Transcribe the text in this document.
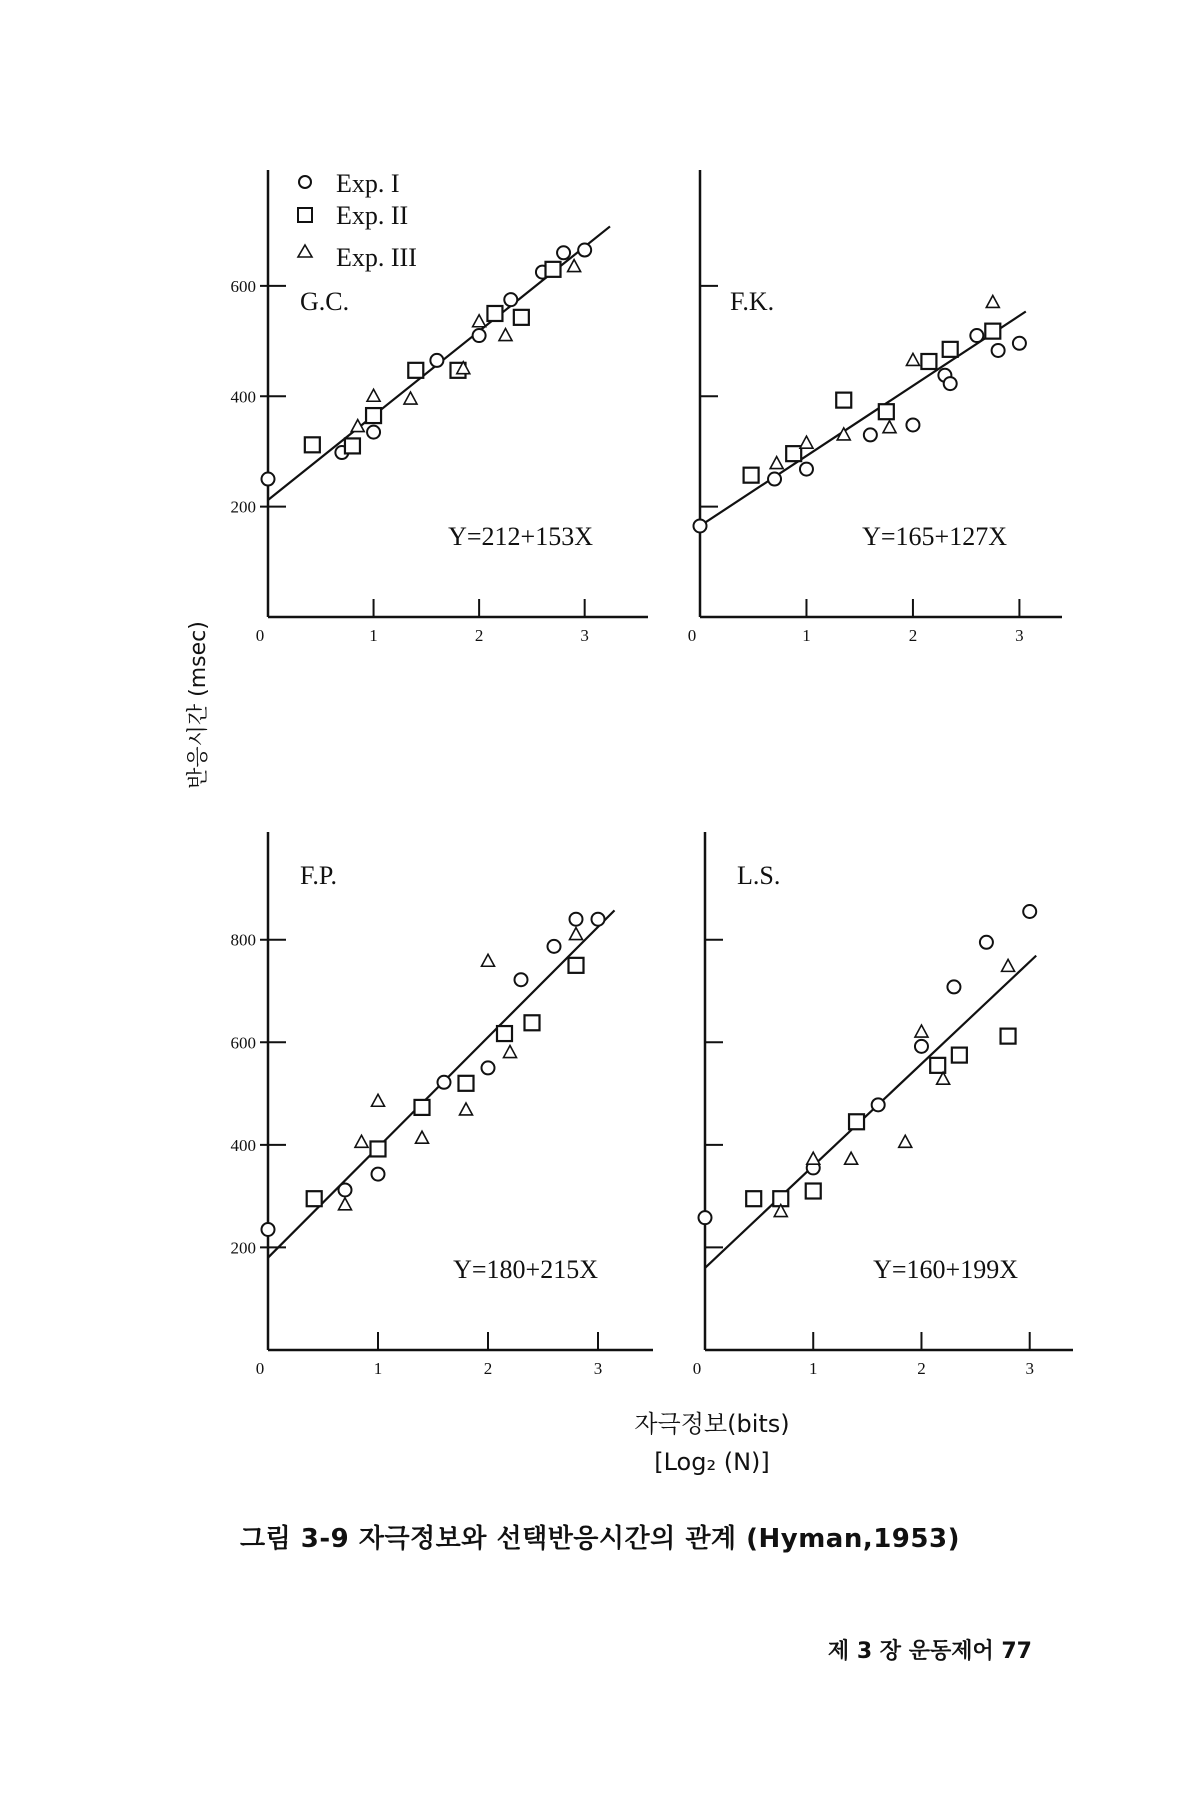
200
400
600
0	1	2	3
G.C.
Y=212+153X
0	1	2	3
F.K.
Y=165+127X
200
400
600
800
0	1	2	3
F.P.
Y=180+215X
0	1	2	3
L.S.
Y=160+199X
Exp. I
Exp. II
Exp. III
반응시간 (msec)
자극정보(bits)
[Log₂ (N)]
그림 3-9 자극정보와 선택반응시간의 관계 (Hyman,1953)
제 3 장 운동제어 77
